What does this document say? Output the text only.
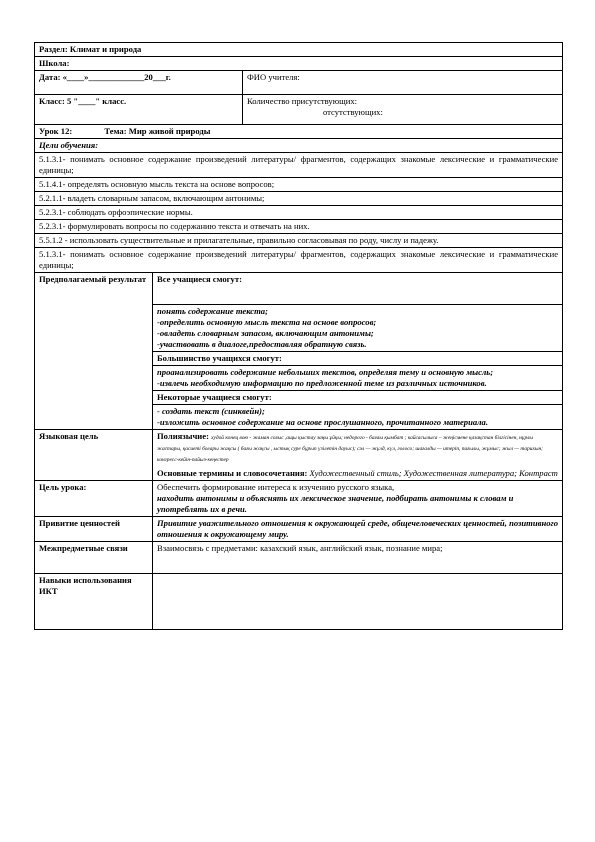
Раздел: Климат и природа		
Школа:		
Дата: «____»_____________20___г.		ФИО учителя:
Класс: 5 "____" класс.		Количество присутствующих:
отсутствующих:

Урок 12: Тема: Мир живой природы		
Цели обучения:		
5.1.3.1- понимать основное содержание произведений литературы/ фрагментов, содержащих знакомые лексические и грамматические единицы;		
5.1.4.1- определять основную мысль текста на основе вопросов;		
5.2.1.1- владеть словарным запасом, включающим антонимы;		
5.2.3.1- соблюдать орфоэпические нормы.		
5.2.3.1- формулировать вопросы по содержанию текста и отвечать на них.		
5.5.1.2 - использовать существительные и прилагательные, правильно согласовывая по роду, числу и падежу.		
5.1.3.1- понимать основное содержание произведений литературы/ фрагментов, содержащих знакомые лексические и грамматические единицы;		
Предполагаемый результат	Все учащиеся смогут:	

	понять содержание текста;
-определить основную мысль текста на основе вопросов;
-овладеть словарным запасом, включающим антонимы;
-участвовать в диалоге,предоставляя обратную связь.	

	Большинство учащихся смогут:	

	проанализировать содержание небольших текстов, определяя тему и основную мысль;
-извлечь необходимую информацию по предложенной теме из различных источников.	

	Некоторые учащиеся смогут:	

	- создать текст (синквейн);
-изложить основное содержание на основе прослушанного, прочитанного материала.	

Языковая цель	Полиязычие: худой конец вою - жаман соғыс ,ащы қыстау заңы ұйқы; недорого - бағаы қымбат ; кайсасылыса – жеңісмене қазақстан білгісінен, нұрлы жастары, қасиеті болары жақсы ( бағы жақсы , ыстық суре бұрып үзілетін дауыс); сәл — жұлд, күл, голосо; шағалды — итеріп, пиғылы, жұмыс; жыл — тарихын; конгресс-кейін-пайыз-кеңестер
Основные термины и словосочетания: Художественный стиль; Художественная литература; Контраст	
Цель урока:	Обеспечить формирование интереса к изучению русского языка,
находить антонимы и объяснять их лексическое значение, подбирать антонимы к словам и употреблять их в речи.	

Привитие ценностей	Привитие уважительного отношения к окружающей среде, общечеловеческих ценностей, позитивного отношения к окружающему миру.	
Межпредметные связи	Взаимосвязь с предметами: казахский язык, английский язык, познание мира;	
Навыки использования ИКТ		
